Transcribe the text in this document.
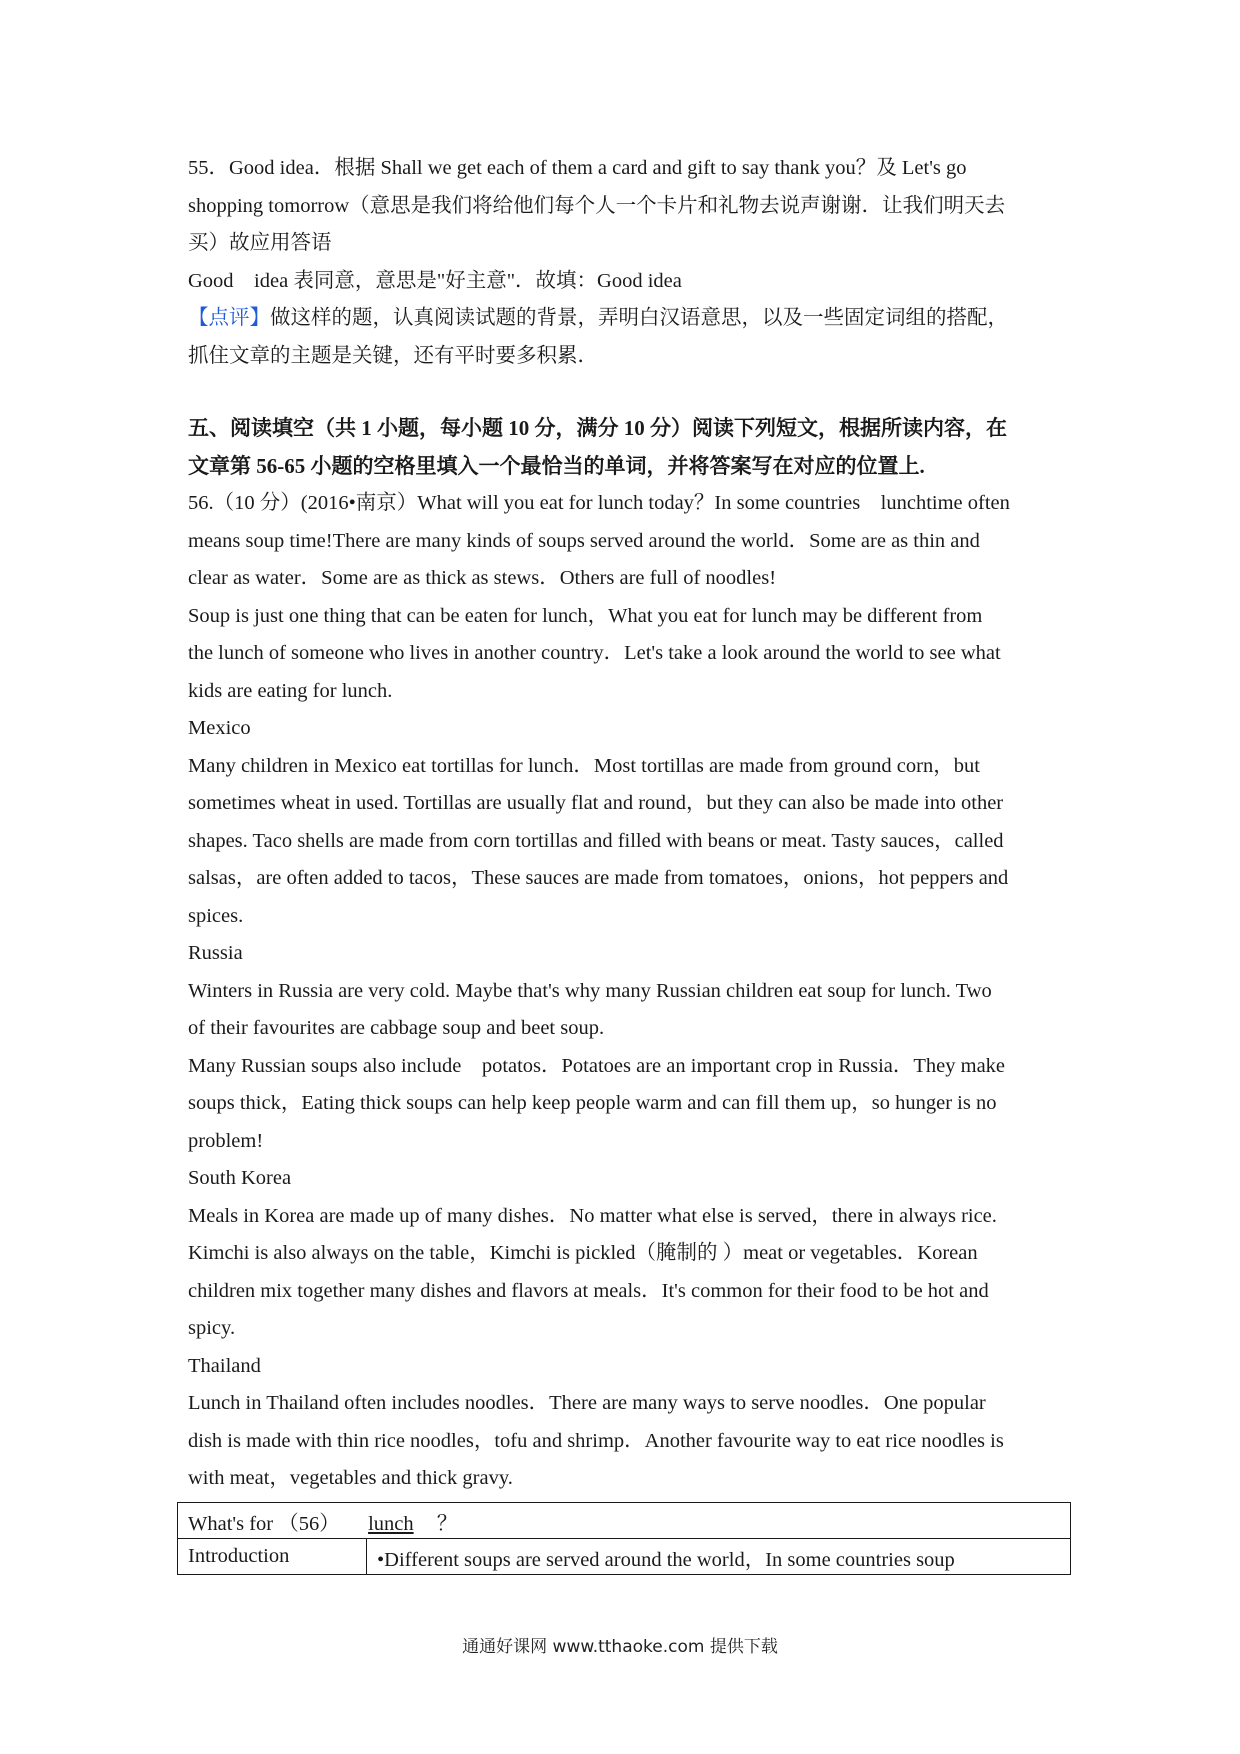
55．Good idea．根据 Shall we get each of them a card and gift to say thank you？及 Let's go
shopping tomorrow（意思是我们将给他们每个人一个卡片和礼物去说声谢谢．让我们明天去
买）故应用答语
Good　idea 表同意，意思是"好主意"．故填：Good idea
【点评】做这样的题，认真阅读试题的背景，弄明白汉语意思，以及一些固定词组的搭配，
抓住文章的主题是关键，还有平时要多积累．
五、阅读填空（共 1 小题，每小题 10 分，满分 10 分）阅读下列短文，根据所读内容，在
文章第 56-65 小题的空格里填入一个最恰当的单词，并将答案写在对应的位置上.
56.（10 分）(2016•南京）What will you eat for lunch today？In some countries　lunchtime often
means soup time!There are many kinds of soups served around the world．Some are as thin and
clear as water．Some are as thick as stews．Others are full of noodles!
Soup is just one thing that can be eaten for lunch，What you eat for lunch may be different from
the lunch of someone who lives in another country．Let's take a look around the world to see what
kids are eating for lunch.
Mexico
Many children in Mexico eat tortillas for lunch．Most tortillas are made from ground corn，but
sometimes wheat in used. Tortillas are usually flat and round，but they can also be made into other
shapes. Taco shells are made from corn tortillas and filled with beans or meat. Tasty sauces，called
salsas，are often added to tacos，These sauces are made from tomatoes，onions，hot peppers and
spices.
Russia
Winters in Russia are very cold. Maybe that's why many Russian children eat soup for lunch. Two
of their favourites are cabbage soup and beet soup.
Many Russian soups also include　potatos．Potatoes are an important crop in Russia．They make
soups thick，Eating thick soups can help keep people warm and can fill them up，so hunger is no
problem!
South Korea
Meals in Korea are made up of many dishes．No matter what else is served，there in always rice.
Kimchi is also always on the table，Kimchi is pickled（腌制的 ）meat or vegetables．Korean
children mix together many dishes and flavors at meals．It's common for their food to be hot and
spicy.
Thailand
Lunch in Thailand often includes noodles．There are many ways to serve noodles．One popular
dish is made with thin rice noodles，tofu and shrimp．Another favourite way to eat rice noodles is
with meat，vegetables and thick gravy.
What's for （56） lunch ？
Introduction	•Different soups are served around the world，In some countries soup
通通好课网 www.tthaoke.com 提供下载
